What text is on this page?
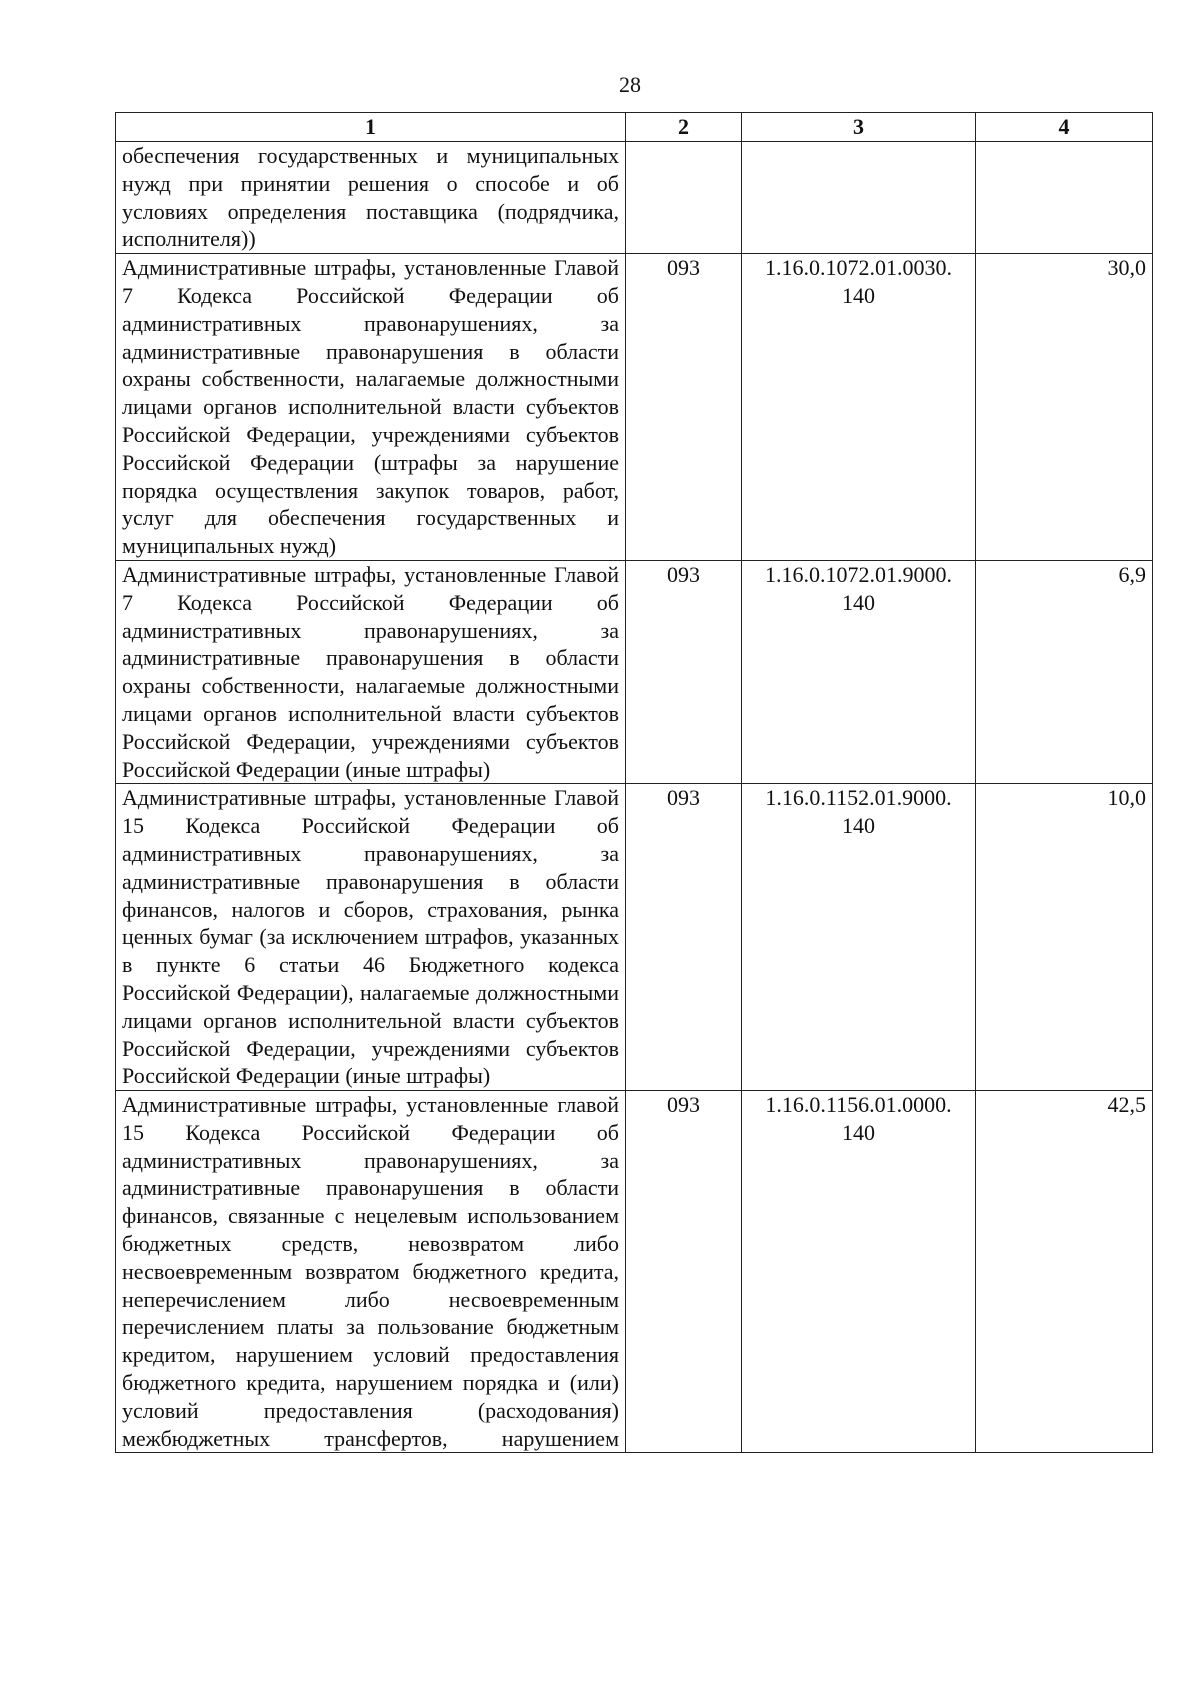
28
1	2	3	4
обеспечения государственных и муниципальных нужд при принятии решения о способе и об условиях определения поставщика (подрядчика, исполнителя))			
Административные штрафы, установленные Главой 7 Кодекса Российской Федерации об административных правонарушениях, за административные правонарушения в области охраны собственности, налагаемые должностными лицами органов исполнительной власти субъектов Российской Федерации, учреждениями субъектов Российской Федерации (штрафы за нарушение порядка осуществления закупок товаров, работ, услуг для обеспечения государственных и муниципальных нужд)	093	1.16.0.1072.01.0030. 140	30,0
Административные штрафы, установленные Главой 7 Кодекса Российской Федерации об административных правонарушениях, за административные правонарушения в области охраны собственности, налагаемые должностными лицами органов исполнительной власти субъектов Российской Федерации, учреждениями субъектов Российской Федерации (иные штрафы)	093	1.16.0.1072.01.9000. 140	6,9
Административные штрафы, установленные Главой 15 Кодекса Российской Федерации об административных правонарушениях, за административные правонарушения в области финансов, налогов и сборов, страхования, рынка ценных бумаг (за исключением штрафов, указанных в пункте 6 статьи 46 Бюджетного кодекса Российской Федерации), налагаемые должностными лицами органов исполнительной власти субъектов Российской Федерации, учреждениями субъектов Российской Федерации (иные штрафы)	093	1.16.0.1152.01.9000. 140	10,0
Административные штрафы, установленные главой 15 Кодекса Российской Федерации об административных правонарушениях, за административные правонарушения в области финансов, связанные с нецелевым использованием бюджетных средств, невозвратом либо несвоевременным возвратом бюджетного кредита, неперечислением либо несвоевременным перечислением платы за пользование бюджетным кредитом, нарушением условий предоставления бюджетного кредита, нарушением порядка и (или) условий предоставления (расходования) межбюджетных трансфертов, нарушением	093	1.16.0.1156.01.0000. 140	42,5
